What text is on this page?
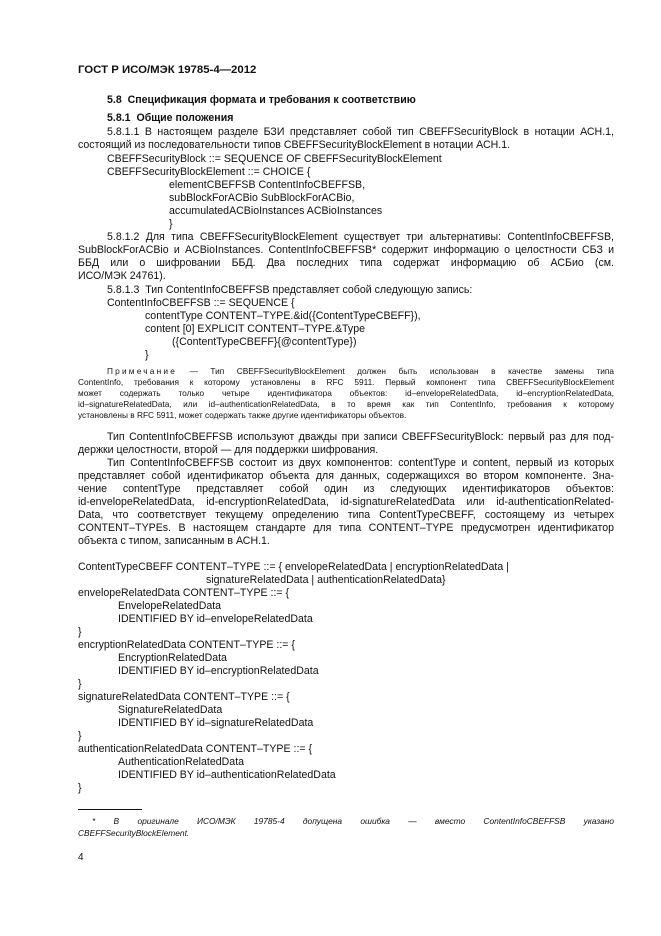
ГОСТ Р ИСО/МЭК 19785-4—2012
5.8  Спецификация формата и требования к соответствию
5.8.1  Общие положения
5.8.1.1 В настоящем разделе БЗИ представляет собой тип CBEFFSecurityBlock в нотации АСН.1,
состоящий из последовательности типов CBEFFSecurityBlockElement в нотации АСН.1.
CBEFFSecurityBlock ::= SEQUENCE OF CBEFFSecurityBlockElement
CBEFFSecurityBlockElement ::= CHOICE {
elementCBEFFSB ContentInfoCBEFFSB,
subBlockForACBio SubBlockForACBio,
accumulatedACBioInstances ACBioInstances
}
5.8.1.2 Для типа CBEFFSecurityBlockElement существует три альтернативы: ContentInfoCBEFFSB,
SubBlockForACBio и ACBioInstances. ContentInfoCBEFFSB* содержит информацию о целостности СБЗ и
ББД или о шифровании ББД. Два последних типа содержат информацию об АСБио (см.
ИСО/МЭК 24761).
5.8.1.3  Тип ContentInfoCBEFFSB представляет собой следующую запись:
ContentInfoCBEFFSB ::= SEQUENCE {
contentType CONTENT–TYPE.&id({ContentTypeCBEFF}),
content [0] EXPLICIT CONTENT–TYPE.&Type
({ContentTypeCBEFF}{@contentType})
}
Примечание — Тип CBEFFSecurityBlockElement должен быть использован в качестве замены типа
ContentInfo, требования к которому установлены в RFC 5911. Первый компонент типа CBEFFSecurityBlockElement
может содержать только четыре идентификатора объектов: id–envelopeRelatedData, id–encryptionRelatedData,
id–signatureRelatedData, или id–authenticationRelatedData, в то время как тип ContentInfo, требования к которому
установлены в RFC 5911, может содержать также другие идентификаторы объектов.
Тип ContentInfoCBEFFSB используют дважды при записи CBEFFSecurityBlock: первый раз для под-
держки целостности, второй — для поддержки шифрования.
Тип ContentInfoCBEFFSB состоит из двух компонентов: contentType и content, первый из которых
представляет собой идентификатор объекта для данных, содержащихся во втором компоненте. Зна-
чение contentType представляет собой один из следующих идентификаторов объектов:
id-envelopeRelatedData, id-encryptionRelatedData, id-signatureRelatedData или id-authenticationRelated-
Data, что соответствует текущему определению типа ContentTypeCBEFF, состоящему из четырех
CONTENT–TYPEs. В настоящем стандарте для типа CONTENT–TYPE предусмотрен идентификатор
объекта с типом, записанным в АСН.1.
ContentTypeCBEFF CONTENT–TYPE ::= { envelopeRelatedData | encryptionRelatedData |
signatureRelatedData | authenticationRelatedData}
envelopeRelatedData CONTENT–TYPE ::= {
EnvelopeRelatedData
IDENTIFIED BY id–envelopeRelatedData
}
encryptionRelatedData CONTENT–TYPE ::= {
EncryptionRelatedData
IDENTIFIED BY id–encryptionRelatedData
}
signatureRelatedData CONTENT–TYPE ::= {
SignatureRelatedData
IDENTIFIED BY id–signatureRelatedData
}
authenticationRelatedData CONTENT–TYPE ::= {
AuthenticationRelatedData
IDENTIFIED BY id–authenticationRelatedData
}
* В оригинале ИСО/МЭК 19785-4 допущена ошибка — вместо ContentInfoCBEFFSB указано
CBEFFSecurityBlockElement.
4
